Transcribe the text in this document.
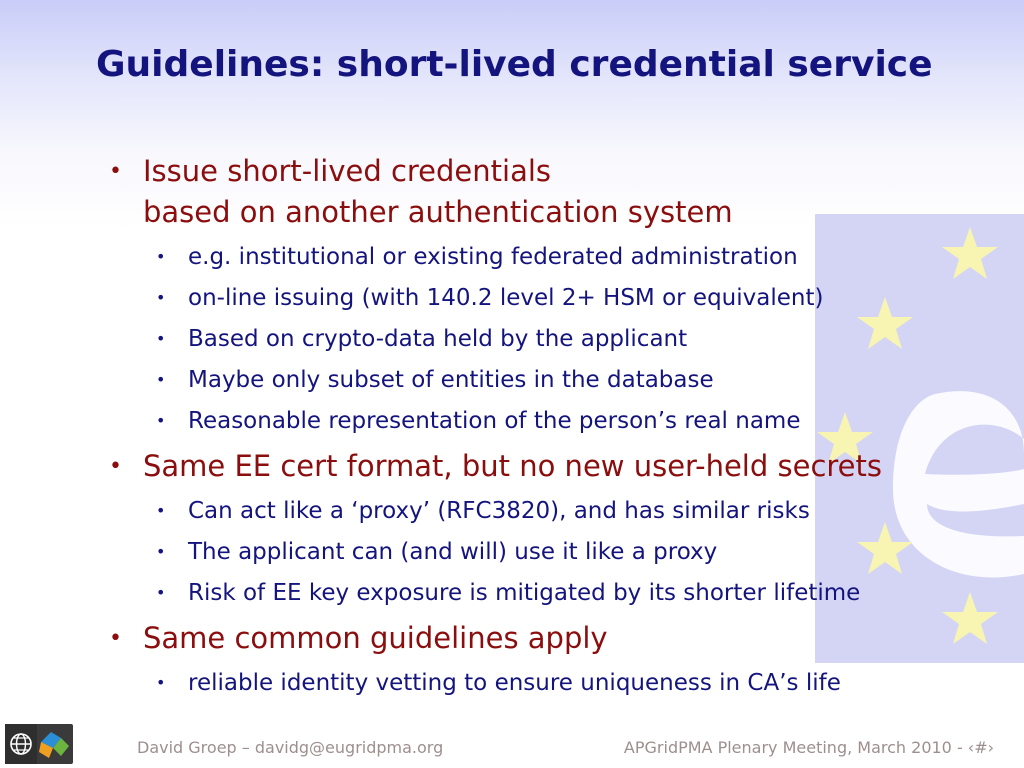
Guidelines: short-lived credential service
• Issue short-lived credentials
based on another authentication system
• e.g. institutional or existing federated administration
• on-line issuing (with 140.2 level 2+ HSM or equivalent)
• Based on crypto-data held by the applicant
• Maybe only subset of entities in the database
• Reasonable representation of the person’s real name
• Same EE cert format, but no new user-held secrets
• Can act like a ‘proxy’ (RFC3820), and has similar risks
• The applicant can (and will) use it like a proxy
• Risk of EE key exposure is mitigated by its shorter lifetime
• Same common guidelines apply
• reliable identity vetting to ensure uniqueness in CA’s life
David Groep – davidg@eugridpma.org	APGridPMA Plenary Meeting, March 2010 - ‹#›
